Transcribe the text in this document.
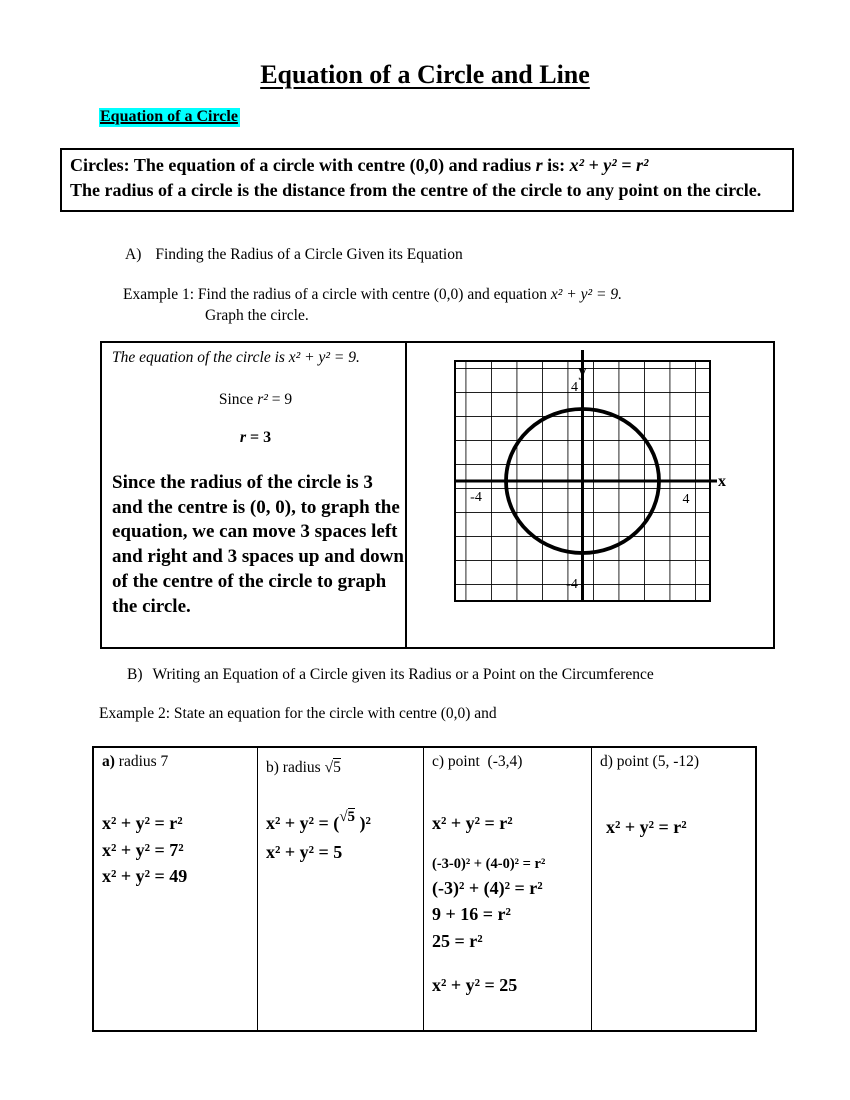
Equation of a Circle and Line
Equation of a Circle
Circles: The equation of a circle with centre (0,0) and radius r is: x² + y² = r²
The radius of a circle is the distance from the centre of the circle to any point on the circle.
A) Finding the Radius of a Circle Given its Equation
Example 1: Find the radius of a circle with centre (0,0) and equation x² + y² = 9.
Graph the circle.
The equation of the circle is x² + y² = 9.
Since r² = 9
r = 3
Since the radius of the circle is 3 and the centre is (0, 0), to graph the equation, we can move 3 spaces left and right and 3 spaces up and down of the centre of the circle to graph the circle.
y
x
4
4
-4
-4
B) Writing an Equation of a Circle given its Radius or a Point on the Circumference
Example 2: State an equation for the circle with centre (0,0) and
a) radius 7
x² + y² = r²
x² + y² = 7²
x² + y² = 49
b) radius √5
x² + y² = ($^{√5}$ )²
x² + y² = 5
c) point  (-3,4)
x² + y² = r²
(-3-0)² + (4-0)² = r²
(-3)² + (4)² = r²
9 + 16 = r²
25 = r²
x² + y² = 25
d) point (5, -12)
x² + y² = r²
